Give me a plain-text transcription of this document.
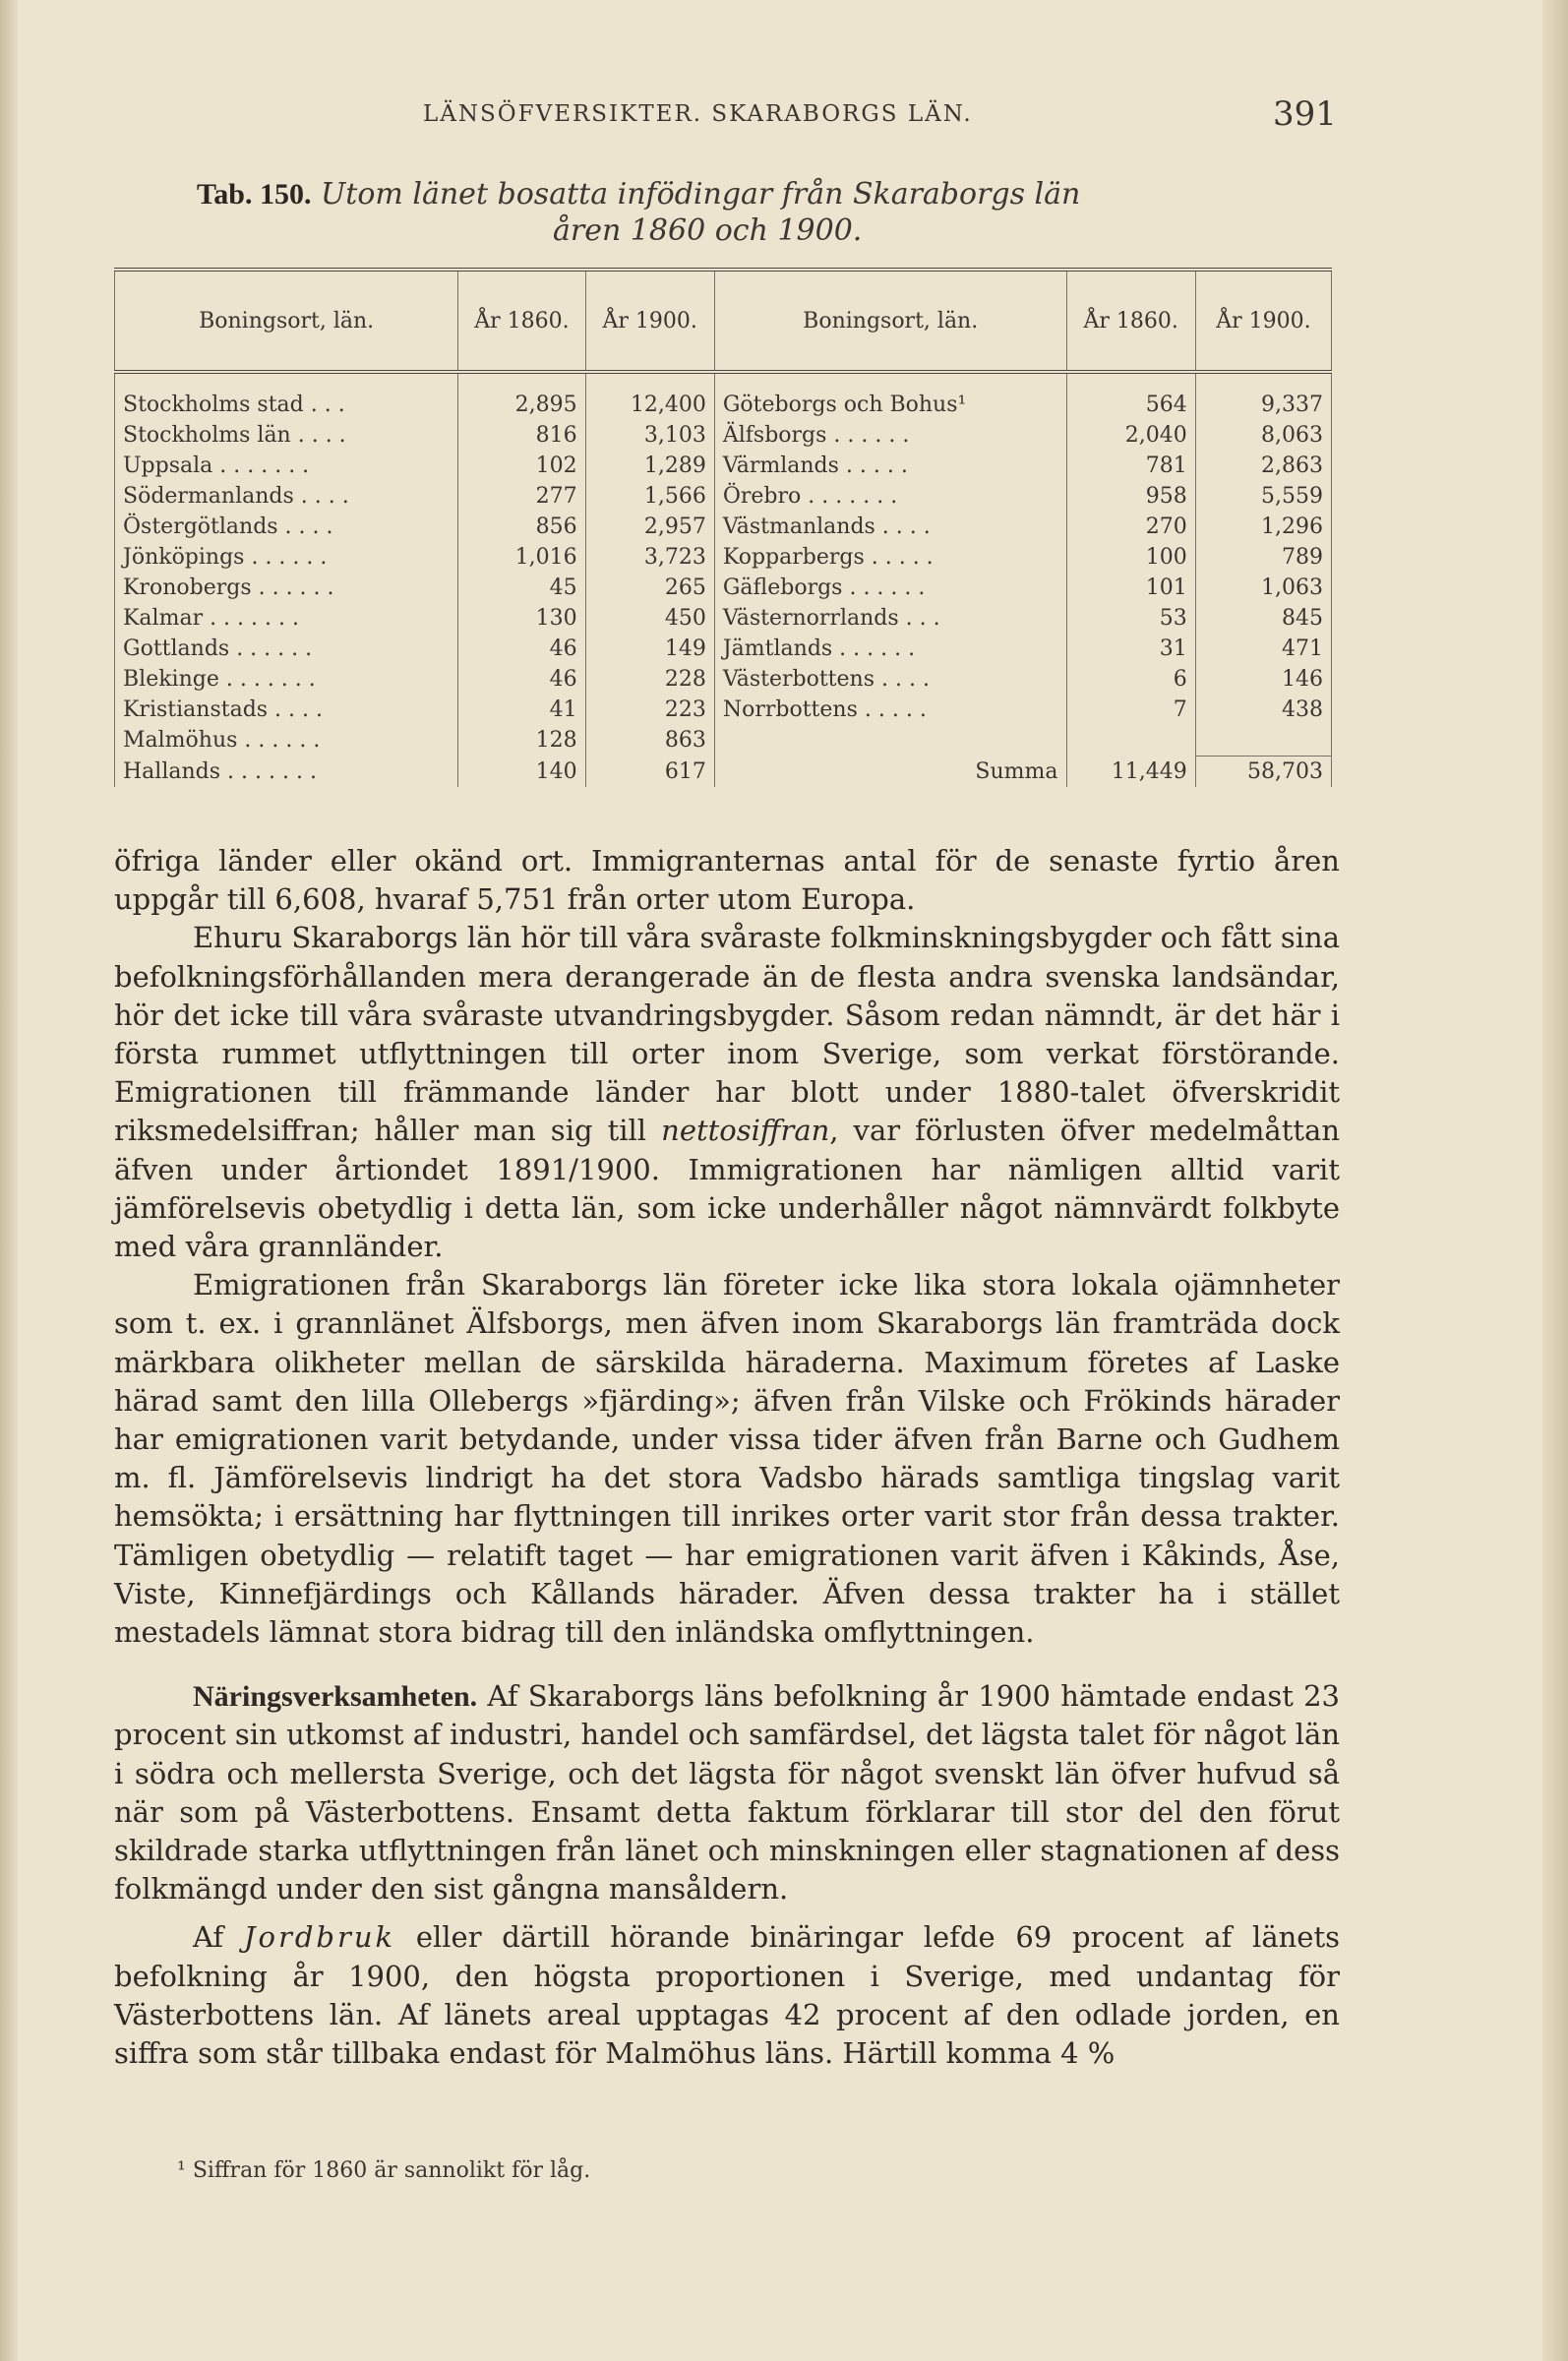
LÄNSÖFVERSIKTER. SKARABORGS LÄN.	391
Tab. 150. Utom länet bosatta infödingar från Skaraborgs län
åren 1860 och 1900.
Boningsort, län.	År 1860.	År 1900.	Boningsort, län.	År 1860.	År 1900.
Stockholms stad . . .	2,895	12,400	Göteborgs och Bohus¹	564	9,337
Stockholms län . . . .	816	3,103	Älfsborgs . . . . . .	2,040	8,063
Uppsala . . . . . . .	102	1,289	Värmlands . . . . .	781	2,863
Södermanlands . . . .	277	1,566	Örebro . . . . . . .	958	5,559
Östergötlands . . . .	856	2,957	Västmanlands . . . .	270	1,296
Jönköpings . . . . . .	1,016	3,723	Kopparbergs . . . . .	100	789
Kronobergs . . . . . .	45	265	Gäfleborgs . . . . . .	101	1,063
Kalmar . . . . . . .	130	450	Västernorrlands . . .	53	845
Gottlands . . . . . .	46	149	Jämtlands . . . . . .	31	471
Blekinge . . . . . . .	46	228	Västerbottens . . . .	6	146
Kristianstads . . . .	41	223	Norrbottens . . . . .	7	438
Malmöhus . . . . . .	128	863			
Hallands . . . . . . .	140	617	Summa	11,449	58,703

öfriga länder eller okänd ort. Immigranternas antal för de senaste fyrtio åren uppgår till 6,608, hvaraf 5,751 från orter utom Europa.

Ehuru Skaraborgs län hör till våra svåraste folkminskningsbygder och fått sina befolkningsförhållanden mera derangerade än de flesta andra svenska landsändar, hör det icke till våra svåraste utvandringsbygder. Såsom redan nämndt, är det här i första rummet utflyttningen till orter inom Sverige, som verkat förstörande. Emigrationen till främmande länder har blott under 1880-talet öfverskridit riksmedelsiffran; håller man sig till nettosiffran, var förlusten öfver medelmåttan äfven under årtiondet 1891/1900. Immigrationen har nämligen alltid varit jämförelsevis obetydlig i detta län, som icke underhåller något nämnvärdt folkbyte med våra grannländer.

Emigrationen från Skaraborgs län företer icke lika stora lokala ojämnheter som t. ex. i grannlänet Älfsborgs, men äfven inom Skaraborgs län framträda dock märkbara olikheter mellan de särskilda häraderna. Maximum företes af Laske härad samt den lilla Ollebergs »fjärding»; äfven från Vilske och Frökinds härader har emigrationen varit betydande, under vissa tider äfven från Barne och Gudhem m. fl. Jämförelsevis lindrigt ha det stora Vadsbo härads samtliga tingslag varit hemsökta; i ersättning har flyttningen till inrikes orter varit stor från dessa trakter. Tämligen obetydlig — relatift taget — har emigrationen varit äfven i Kåkinds, Åse, Viste, Kinnefjärdings och Kållands härader. Äfven dessa trakter ha i stället mestadels lämnat stora bidrag till den inländska omflyttningen.

Näringsverksamheten. Af Skaraborgs läns befolkning år 1900 hämtade endast 23 procent sin utkomst af industri, handel och samfärdsel, det lägsta talet för något län i södra och mellersta Sverige, och det lägsta för något svenskt län öfver hufvud så när som på Västerbottens. Ensamt detta faktum förklarar till stor del den förut skildrade starka utflyttningen från länet och minskningen eller stagnationen af dess folkmängd under den sist gångna mansåldern.

Af Jordbruk eller därtill hörande binäringar lefde 69 procent af länets befolkning år 1900, den högsta proportionen i Sverige, med undantag för Västerbottens län. Af länets areal upptagas 42 procent af den odlade jorden, en siffra som står tillbaka endast för Malmöhus läns. Härtill komma 4 %

¹ Siffran för 1860 är sannolikt för låg.
